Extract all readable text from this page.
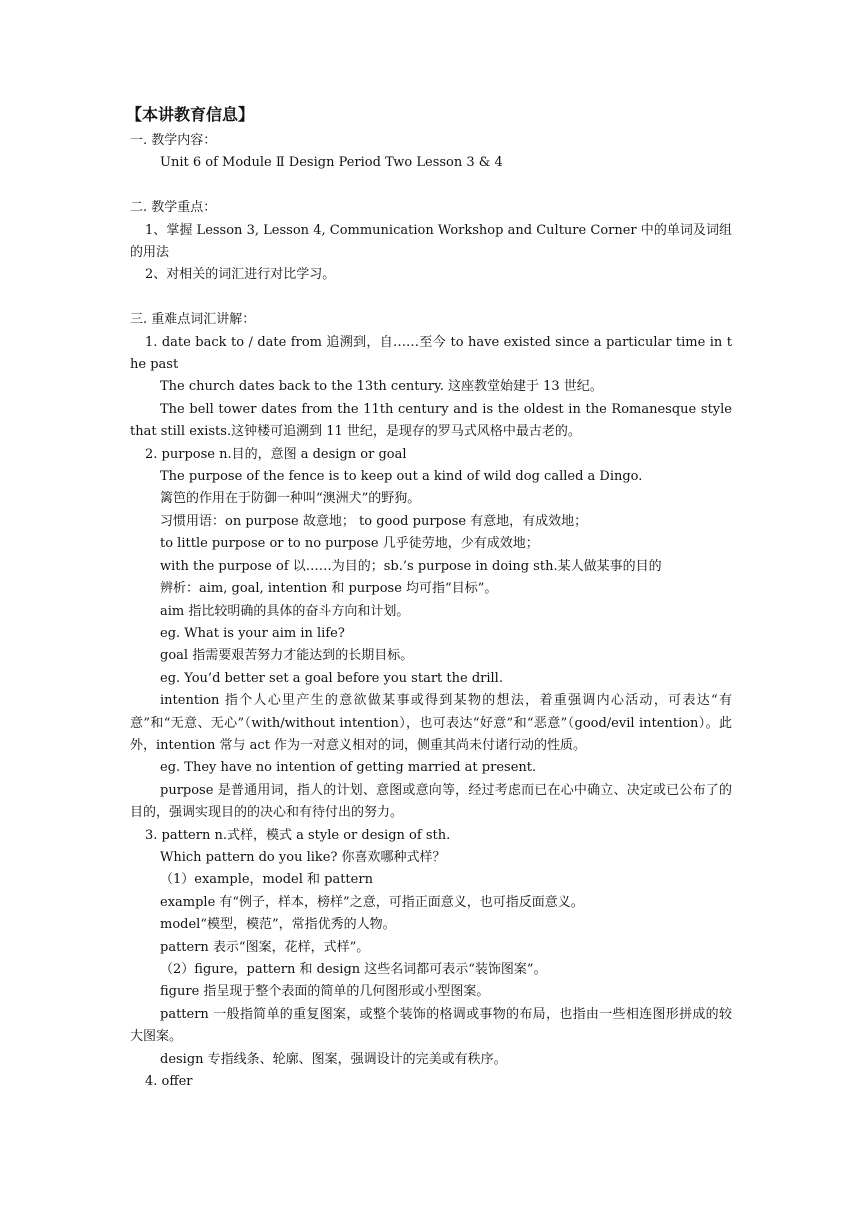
【本讲教育信息】

一. 教学内容：

Unit 6 of Module Ⅱ Design Period Two Lesson 3 & 4

二. 教学重点：

1、掌握 Lesson 3, Lesson 4, Communication Workshop and Culture Corner 中的单词及词组的用法

2、对相关的词汇进行对比学习。

三. 重难点词汇讲解：

1. date back to / date from 追溯到，自……至今 to have existed since a particular time in the past

The church dates back to the 13th century. 这座教堂始建于 13 世纪。

The bell tower dates from the 11th century and is the oldest in the Romanesque style that still exists.这钟楼可追溯到 11 世纪，是现存的罗马式风格中最古老的。

2. purpose n.目的，意图 a design or goal

The purpose of the fence is to keep out a kind of wild dog called a Dingo.

篱笆的作用在于防御一种叫“澳洲犬”的野狗。

习惯用语：on purpose 故意地； to good purpose 有意地，有成效地；

to little purpose or to no purpose 几乎徒劳地，少有成效地；

with the purpose of 以……为目的；sb.’s purpose in doing sth.某人做某事的目的

辨析：aim, goal, intention 和 purpose 均可指“目标”。

aim 指比较明确的具体的奋斗方向和计划。

eg. What is your aim in life?

goal 指需要艰苦努力才能达到的长期目标。

eg. You’d better set a goal before you start the drill.

intention 指个人心里产生的意欲做某事或得到某物的想法，着重强调内心活动，可表达“有意”和“无意、无心”（with/without intention），也可表达“好意”和“恶意”（good/evil intention）。此外，intention 常与 act 作为一对意义相对的词，侧重其尚未付诸行动的性质。

eg. They have no intention of getting married at present.

purpose 是普通用词，指人的计划、意图或意向等，经过考虑而已在心中确立、决定或已公布了的目的，强调实现目的的决心和有待付出的努力。

3. pattern n.式样，模式 a style or design of sth.

Which pattern do you like? 你喜欢哪种式样？

（1）example，model 和 pattern

example 有“例子，样本，榜样”之意，可指正面意义，也可指反面意义。

model“模型，模范”，常指优秀的人物。

pattern 表示“图案，花样，式样”。

（2）figure，pattern 和 design 这些名词都可表示“装饰图案”。

figure 指呈现于整个表面的简单的几何图形或小型图案。

pattern 一般指简单的重复图案，或整个装饰的格调或事物的布局，也指由一些相连图形拼成的较大图案。

design 专指线条、轮廓、图案，强调设计的完美或有秩序。

4. offer
